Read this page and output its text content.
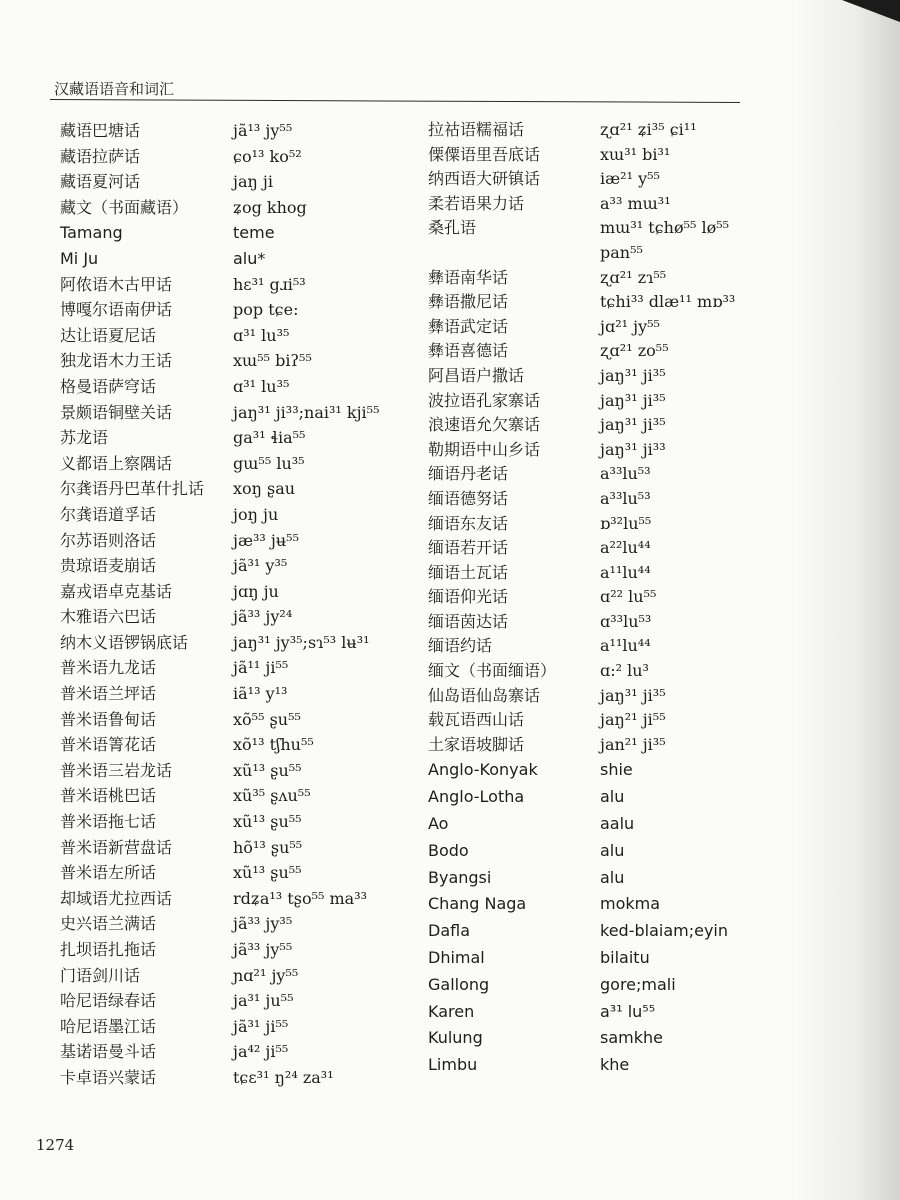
汉藏语语音和词汇
藏语巴塘话
藏语拉萨话
藏语夏河话
藏文（书面藏语）
Tamang
Mi Ju
阿侬语木古甲话
博嘎尔语南伊话
达让语夏尼话
独龙语木力王话
格曼语萨穹话
景颇语铜壁关话
苏龙语
义都语上察隅话
尔龚语丹巴革什扎话
尔龚语道孚话
尔苏语则洛话
贵琼语麦崩话
嘉戎语卓克基话
木雅语六巴话
纳木义语锣锅底话
普米语九龙话
普米语兰坪话
普米语鲁甸话
普米语箐花话
普米语三岩龙话
普米语桃巴话
普米语拖七话
普米语新营盘话
普米语左所话
却域语尤拉西话
史兴语兰满话
扎坝语扎拖话
门语剑川话
哈尼语绿春话
哈尼语墨江话
基诺语曼斗话
卡卓语兴蒙话
jã¹³ jy⁵⁵
ɕo¹³ ko⁵²
jaŋ ji
ʑog khog
teme
alu*
hɛ³¹ gɹi⁵³
pop tɕe:
ɑ³¹ lu³⁵
xɯ⁵⁵ biʔ⁵⁵
ɑ³¹ lu³⁵
jaŋ³¹ ji³³;nai³¹ kji⁵⁵
ga³¹ ɬia⁵⁵
gɯ⁵⁵ lu³⁵
xoŋ ʂau
joŋ ju
jæ³³ jʉ⁵⁵
jã³¹ y³⁵
jɑŋ ju
jã³³ jy²⁴
jaŋ³¹ jy³⁵;sɿ⁵³ lʉ³¹
jã¹¹ ji⁵⁵
iã¹³ y¹³
xõ⁵⁵ ʂu⁵⁵
xõ¹³ tʃhu⁵⁵
xũ¹³ ʂu⁵⁵
xũ³⁵ ʂʌu⁵⁵
xũ¹³ ʂu⁵⁵
hõ¹³ ʂu⁵⁵
xũ¹³ ʂu⁵⁵
rdʑa¹³ tʂo⁵⁵ ma³³
jã³³ jy³⁵
jã³³ jy⁵⁵
ɲɑ²¹ jy⁵⁵
ja³¹ ju⁵⁵
jã³¹ ji⁵⁵
ja⁴² ji⁵⁵
tɕɛ³¹ ŋ²⁴ za³¹
拉祜语糯福话
傈僳语里吾底话
纳西语大研镇话
柔若语果力话
桑孔语
彝语南华话
彝语撒尼话
彝语武定话
彝语喜德话
阿昌语户撒话
波拉语孔家寨话
浪速语允欠寨话
勒期语中山乡话
缅语丹老话
缅语德努话
缅语东友话
缅语若开话
缅语土瓦话
缅语仰光话
缅语茵达话
缅语约话
缅文（书面缅语）
仙岛语仙岛寨话
载瓦语西山话
土家语坡脚话
Anglo-Konyak
Anglo-Lotha
Ao
Bodo
Byangsi
Chang Naga
Dafla
Dhimal
Gallong
Karen
Kulung
Limbu
ʐɑ²¹ ʑi³⁵ ɕi¹¹
xɯ³¹ bi³¹
iæ²¹ y⁵⁵
a³³ mɯ³¹
mɯ³¹ tɕhø⁵⁵ lø⁵⁵
pan⁵⁵
ʐɑ²¹ zɿ⁵⁵
tɕhi³³ dlæ¹¹ mɒ³³
jɑ²¹ jy⁵⁵
ʐɑ²¹ zo⁵⁵
jaŋ³¹ ji³⁵
jaŋ³¹ ji³⁵
jaŋ³¹ ji³⁵
jaŋ³¹ ji³³
a³³lu⁵³
a³³lu⁵³
ɒ³²lu⁵⁵
a²²lu⁴⁴
a¹¹lu⁴⁴
ɑ²² lu⁵⁵
ɑ³³lu⁵³
a¹¹lu⁴⁴
ɑ:² lu³
jaŋ³¹ ji³⁵
jaŋ²¹ ji⁵⁵
jan²¹ ji³⁵
shie
alu
aalu
alu
alu
mokma
ked-blaiam;eyin
bilaitu
gore;mali
a³¹ lu⁵⁵
samkhe
khe
1274
